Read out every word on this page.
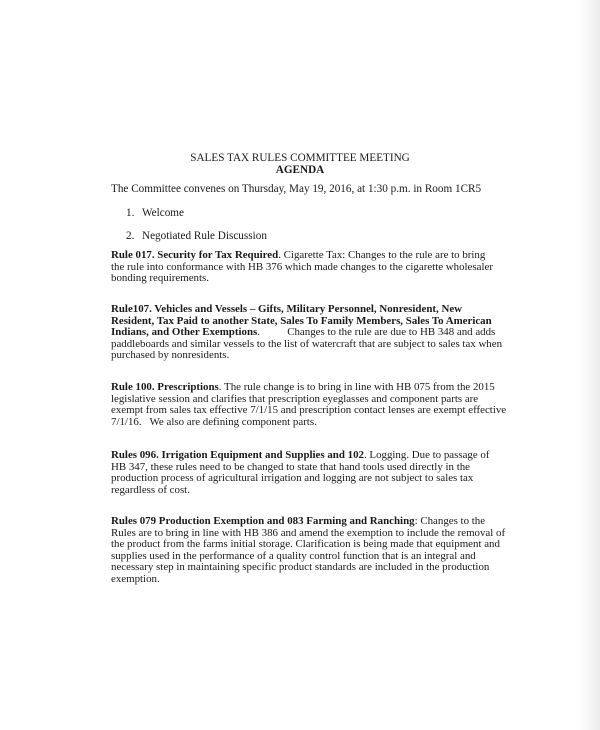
SALES TAX RULES COMMITTEE MEETING
AGENDA
The Committee convenes on Thursday, May 19, 2016, at 1:30 p.m. in Room 1CR5
1. Welcome
2. Negotiated Rule Discussion
Rule 017. Security for Tax Required. Cigarette Tax: Changes to the rule are to bring
the rule into conformance with HB 376 which made changes to the cigarette wholesaler
bonding requirements.
Rule107. Vehicles and Vessels – Gifts, Military Personnel, Nonresident, New
Resident, Tax Paid to another State, Sales To Family Members, Sales To American
Indians, and Other Exemptions.          Changes to the rule are due to HB 348 and adds
paddleboards and similar vessels to the list of watercraft that are subject to sales tax when
purchased by nonresidents.
Rule 100. Prescriptions. The rule change is to bring in line with HB 075 from the 2015
legislative session and clarifies that prescription eyeglasses and component parts are
exempt from sales tax effective 7/1/15 and prescription contact lenses are exempt effective
7/1/16.   We also are defining component parts.
Rules 096. Irrigation Equipment and Supplies and 102. Logging. Due to passage of
HB 347, these rules need to be changed to state that hand tools used directly in the
production process of agricultural irrigation and logging are not subject to sales tax
regardless of cost.
Rules 079 Production Exemption and 083 Farming and Ranching: Changes to the
Rules are to bring in line with HB 386 and amend the exemption to include the removal of
the product from the farms initial storage. Clarification is being made that equipment and
supplies used in the performance of a quality control function that is an integral and
necessary step in maintaining specific product standards are included in the production
exemption.
